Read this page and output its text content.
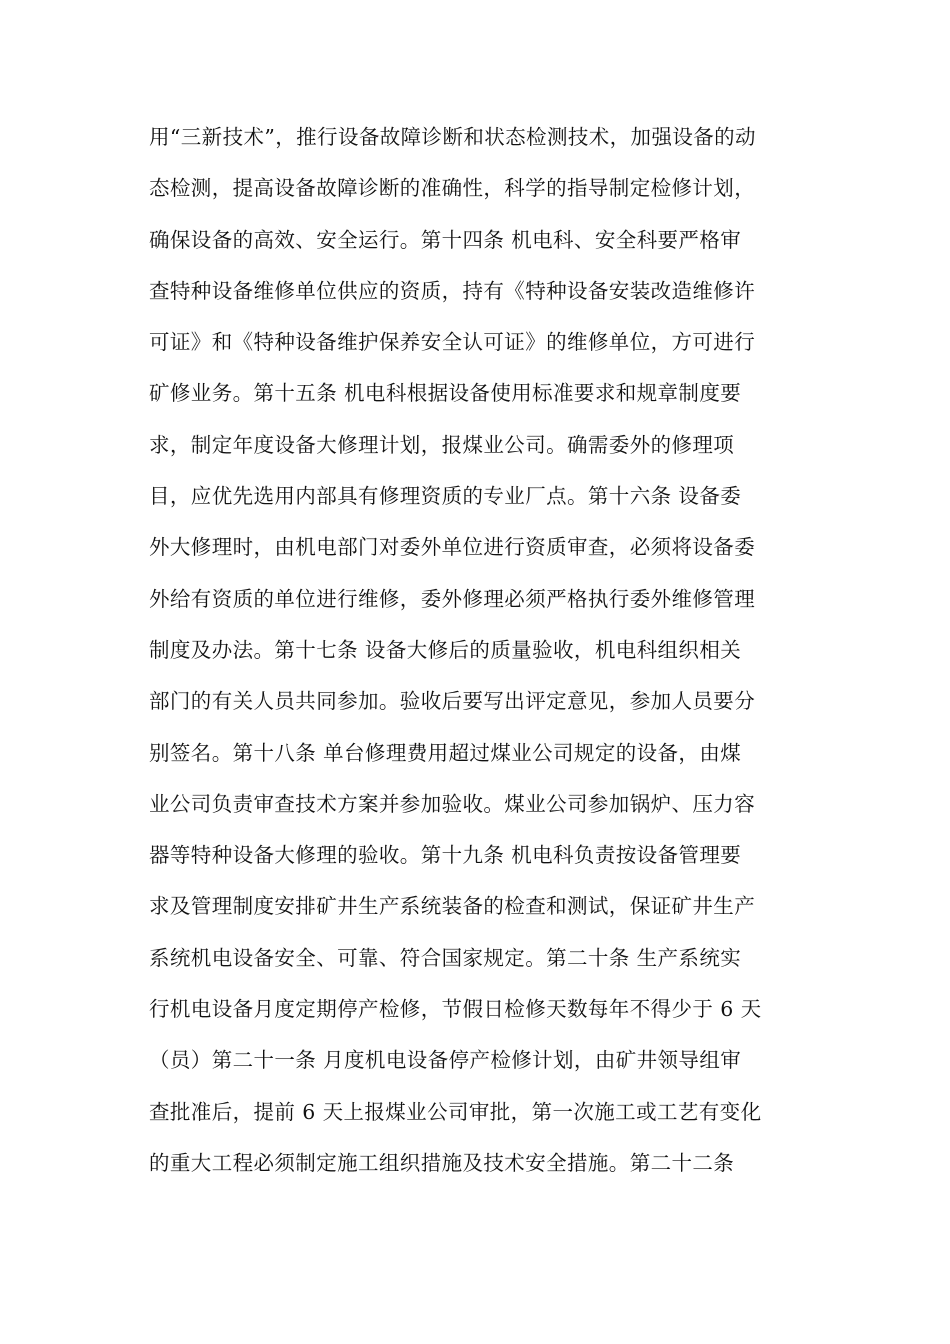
用“三新技术”，推行设备故障诊断和状态检测技术，加强设备的动
态检测，提高设备故障诊断的准确性，科学的指导制定检修计划，
确保设备的高效、安全运行。第十四条 机电科、安全科要严格审
查特种设备维修单位供应的资质，持有《特种设备安装改造维修许
可证》和《特种设备维护保养安全认可证》的维修单位，方可进行
矿修业务。第十五条 机电科根据设备使用标准要求和规章制度要
求，制定年度设备大修理计划，报煤业公司。确需委外的修理项
目，应优先选用内部具有修理资质的专业厂点。第十六条 设备委
外大修理时，由机电部门对委外单位进行资质审查，必须将设备委
外给有资质的单位进行维修，委外修理必须严格执行委外维修管理
制度及办法。第十七条 设备大修后的质量验收，机电科组织相关
部门的有关人员共同参加。验收后要写出评定意见，参加人员要分
别签名。第十八条 单台修理费用超过煤业公司规定的设备，由煤
业公司负责审查技术方案并参加验收。煤业公司参加锅炉、压力容
器等特种设备大修理的验收。第十九条 机电科负责按设备管理要
求及管理制度安排矿井生产系统装备的检查和测试，保证矿井生产
系统机电设备安全、可靠、符合国家规定。第二十条 生产系统实
行机电设备月度定期停产检修，节假日检修天数每年不得少于 6 天
（员）第二十一条 月度机电设备停产检修计划，由矿井领导组审
查批准后，提前 6 天上报煤业公司审批，第一次施工或工艺有变化
的重大工程必须制定施工组织措施及技术安全措施。第二十二条
